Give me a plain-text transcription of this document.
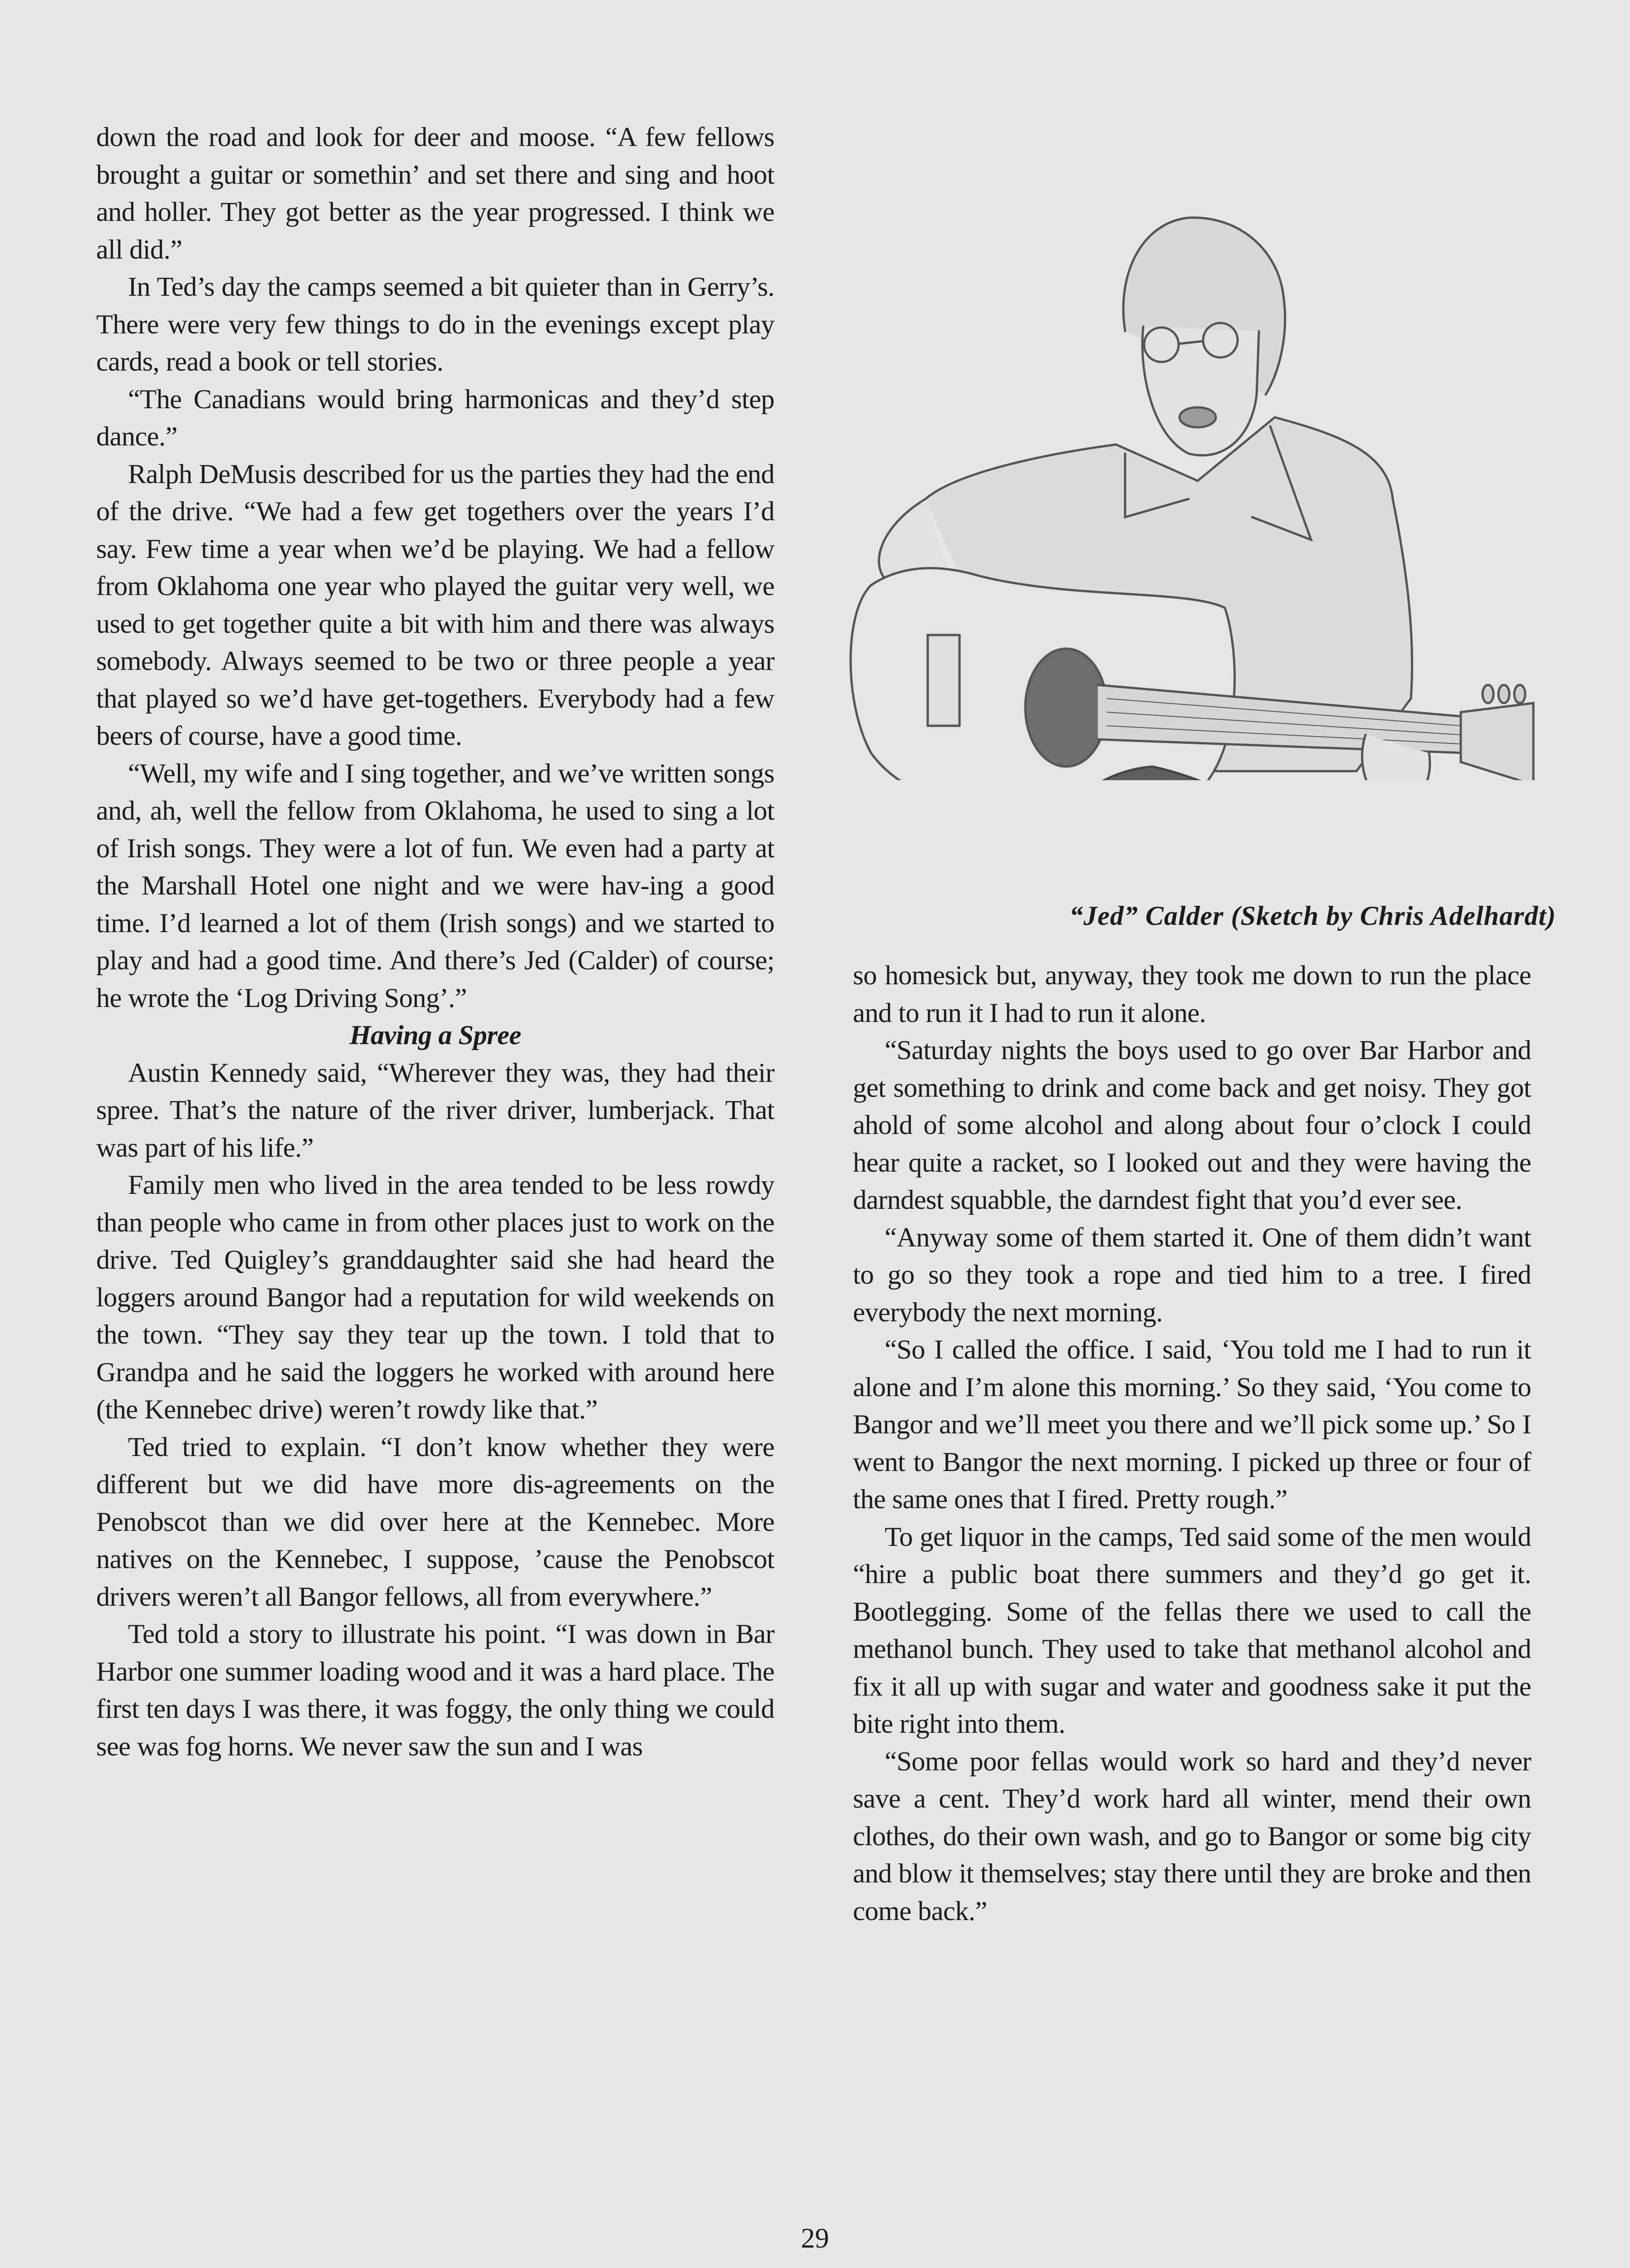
down the road and look for deer and moose. “A few fellows brought a guitar or somethin’ and set there and sing and hoot and holler. They got better as the year progressed. I think we all did.”

In Ted’s day the camps seemed a bit quieter than in Gerry’s. There were very few things to do in the evenings except play cards, read a book or tell stories.

“The Canadians would bring harmonicas and they’d step dance.”

Ralph DeMusis described for us the parties they had the end of the drive. “We had a few get togethers over the years I’d say. Few time a year when we’d be playing. We had a fellow from Oklahoma one year who played the guitar very well, we used to get together quite a bit with him and there was always somebody. Always seemed to be two or three people a year that played so we’d have get-togethers. Everybody had a few beers of course, have a good time.

“Well, my wife and I sing together, and we’ve written songs and, ah, well the fellow from Oklahoma, he used to sing a lot of Irish songs. They were a lot of fun. We even had a party at the Marshall Hotel one night and we were hav-ing a good time. I’d learned a lot of them (Irish songs) and we started to play and had a good time. And there’s Jed (Calder) of course; he wrote the ‘Log Driving Song’.”

Having a Spree

Austin Kennedy said, “Wherever they was, they had their spree. That’s the nature of the river driver, lumberjack. That was part of his life.”

Family men who lived in the area tended to be less rowdy than people who came in from other places just to work on the drive. Ted Quigley’s granddaughter said she had heard the loggers around Bangor had a reputation for wild weekends on the town. “They say they tear up the town. I told that to Grandpa and he said the loggers he worked with around here (the Kennebec drive) weren’t rowdy like that.”

Ted tried to explain. “I don’t know whether they were different but we did have more dis-agreements on the Penobscot than we did over here at the Kennebec. More natives on the Kennebec, I suppose, ’cause the Penobscot drivers weren’t all Bangor fellows, all from everywhere.”

Ted told a story to illustrate his point. “I was down in Bar Harbor one summer loading wood and it was a hard place. The first ten days I was there, it was foggy, the only thing we could see was fog horns. We never saw the sun and I was

“Jed” Calder (Sketch by Chris Adelhardt)

so homesick but, anyway, they took me down to run the place and to run it I had to run it alone.

“Saturday nights the boys used to go over Bar Harbor and get something to drink and come back and get noisy. They got ahold of some alcohol and along about four o’clock I could hear quite a racket, so I looked out and they were having the darndest squabble, the darndest fight that you’d ever see.

“Anyway some of them started it. One of them didn’t want to go so they took a rope and tied him to a tree. I fired everybody the next morning.

“So I called the office. I said, ‘You told me I had to run it alone and I’m alone this morning.’ So they said, ‘You come to Bangor and we’ll meet you there and we’ll pick some up.’ So I went to Bangor the next morning. I picked up three or four of the same ones that I fired. Pretty rough.”

To get liquor in the camps, Ted said some of the men would “hire a public boat there summers and they’d go get it. Bootlegging. Some of the fellas there we used to call the methanol bunch. They used to take that methanol alcohol and fix it all up with sugar and water and goodness sake it put the bite right into them.

“Some poor fellas would work so hard and they’d never save a cent. They’d work hard all winter, mend their own clothes, do their own wash, and go to Bangor or some big city and blow it themselves; stay there until they are broke and then come back.”

29
